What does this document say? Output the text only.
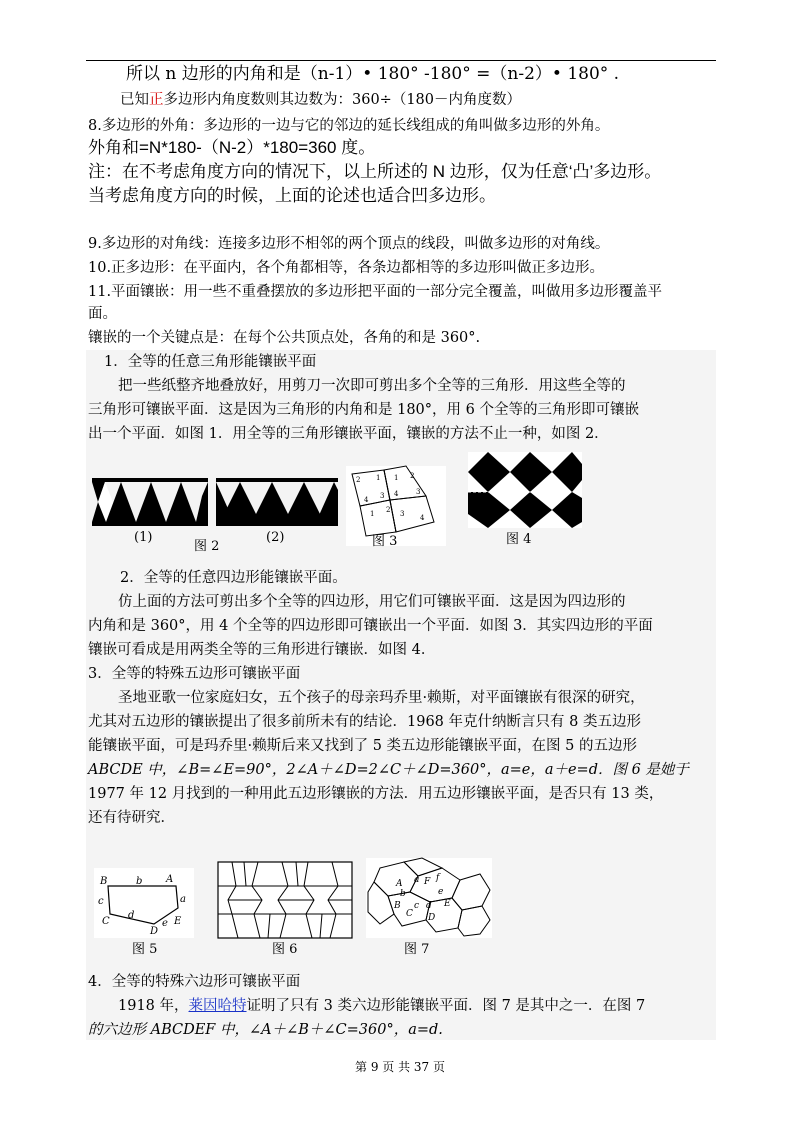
所以 n 边形的内角和是（n-1）• 180° -180° =（n-2）• 180° .
已知正多边形内角度数则其边数为：360÷（180－内角度数）
8.多边形的外角：多边形的一边与它的邻边的延长线组成的角叫做多边形的外角。
外角和=N*180-（N-2）*180=360 度。
注：在不考虑角度方向的情况下，以上所述的 N 边形，仅为任意‘凸’多边形。
当考虑角度方向的时候，上面的论述也适合凹多边形。
9.多边形的对角线：连接多边形不相邻的两个顶点的线段，叫做多边形的对角线。
10.正多边形：在平面内，各个角都相等，各条边都相等的多边形叫做正多边形。
11.平面镶嵌：用一些不重叠摆放的多边形把平面的一部分完全覆盖，叫做用多边形覆盖平
面。
镶嵌的一个关键点是：在每个公共顶点处，各角的和是 360°.
1．全等的任意三角形能镶嵌平面
把一些纸整齐地叠放好，用剪刀一次即可剪出多个全等的三角形．用这些全等的
三角形可镶嵌平面．这是因为三角形的内角和是 180°，用 6 个全等的三角形即可镶嵌
出一个平面．如图 1．用全等的三角形镶嵌平面，镶嵌的方法不止一种，如图 2．
(1)	(2)
图 2
2 1
3
4
1 2
3
4
1 2 3 4
图 3	图 4
2．全等的任意四边形能镶嵌平面。
仿上面的方法可剪出多个全等的四边形，用它们可镶嵌平面．这是因为四边形的
内角和是 360°，用 4 个全等的四边形即可镶嵌出一个平面．如图 3．其实四边形的平面
镶嵌可看成是用两类全等的三角形进行镶嵌．如图 4．
3．全等的特殊五边形可镶嵌平面
圣地亚歌一位家庭妇女，五个孩子的母亲玛乔里·赖斯，对平面镶嵌有很深的研究，
尤其对五边形的镶嵌提出了很多前所未有的结论．1968 年克什纳断言只有 8 类五边形
能镶嵌平面，可是玛乔里·赖斯后来又找到了 5 类五边形能镶嵌平面，在图 5 的五边形
ABCDE 中，∠B=∠E=90°，2∠A＋∠D=2∠C＋∠D=360°，a=e，a＋e=d．图 6 是她于
1977 年 12 月找到的一种用此五边形镶嵌的方法．用五边形镶嵌平面，是否只有 13 类，
还有待研究．
B	b A
c	a
C
d
D
e E
图 5	图 6
A a F f
b	e
B
C
c d E
D
图 7
4．全等的特殊六边形可镶嵌平面
1918 年，莱因哈特证明了只有 3 类六边形能镶嵌平面．图 7 是其中之一．在图 7
的六边形 ABCDEF 中，∠A＋∠B＋∠C=360°，a=d.
第 9 页 共 37 页
